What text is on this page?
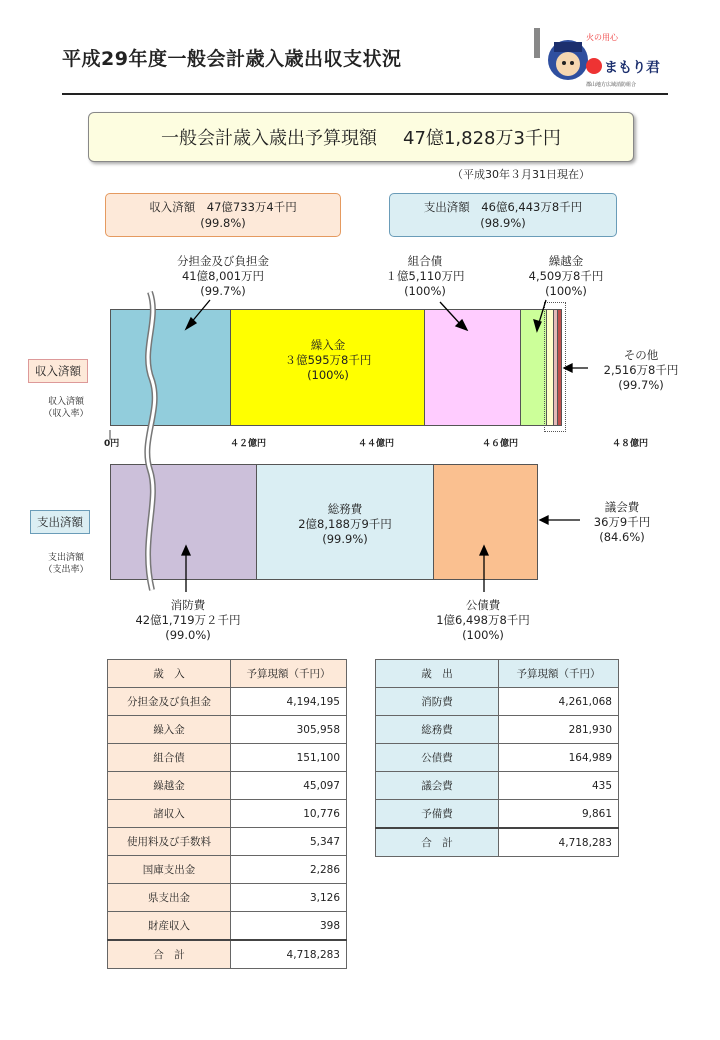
平成29年度一般会計歳入歳出収支状況
火の用心
まもり君
郡山地方広域消防組合
一般会計歳入歳出予算現額 47億1,828万3千円
（平成30年３月31日現在）
収入済額　47億733万4千円
(99.8%)
支出済額　46億6,443万8千円
(98.9%)
分担金及び負担金
41億8,001万円
(99.7%)
組合債
１億5,110万円
(100%)
繰越金
4,509万8千円
(100%)
繰入金
３億595万8千円
(100%)
その他
2,516万8千円
(99.7%)
収入済額
収入済額
（収入率）
0円	４２億円	４４億円	４６億円	４８億円
総務費
2億8,188万9千円
(99.9%)
議会費
36万9千円
(84.6%)
支出済額
支出済額
（支出率）
消防費
42億1,719万２千円
(99.0%)
公債費
1億6,498万8千円
(100%)
歳　入	予算現額（千円）
分担金及び負担金	4,194,195
繰入金	305,958
組合債	151,100
繰越金	45,097
諸収入	10,776
使用料及び手数料	5,347
国庫支出金	2,286
県支出金	3,126
財産収入	398
合　計	4,718,283
歳　出	予算現額（千円）
消防費	4,261,068
総務費	281,930
公債費	164,989
議会費	435
予備費	9,861
合　計	4,718,283
